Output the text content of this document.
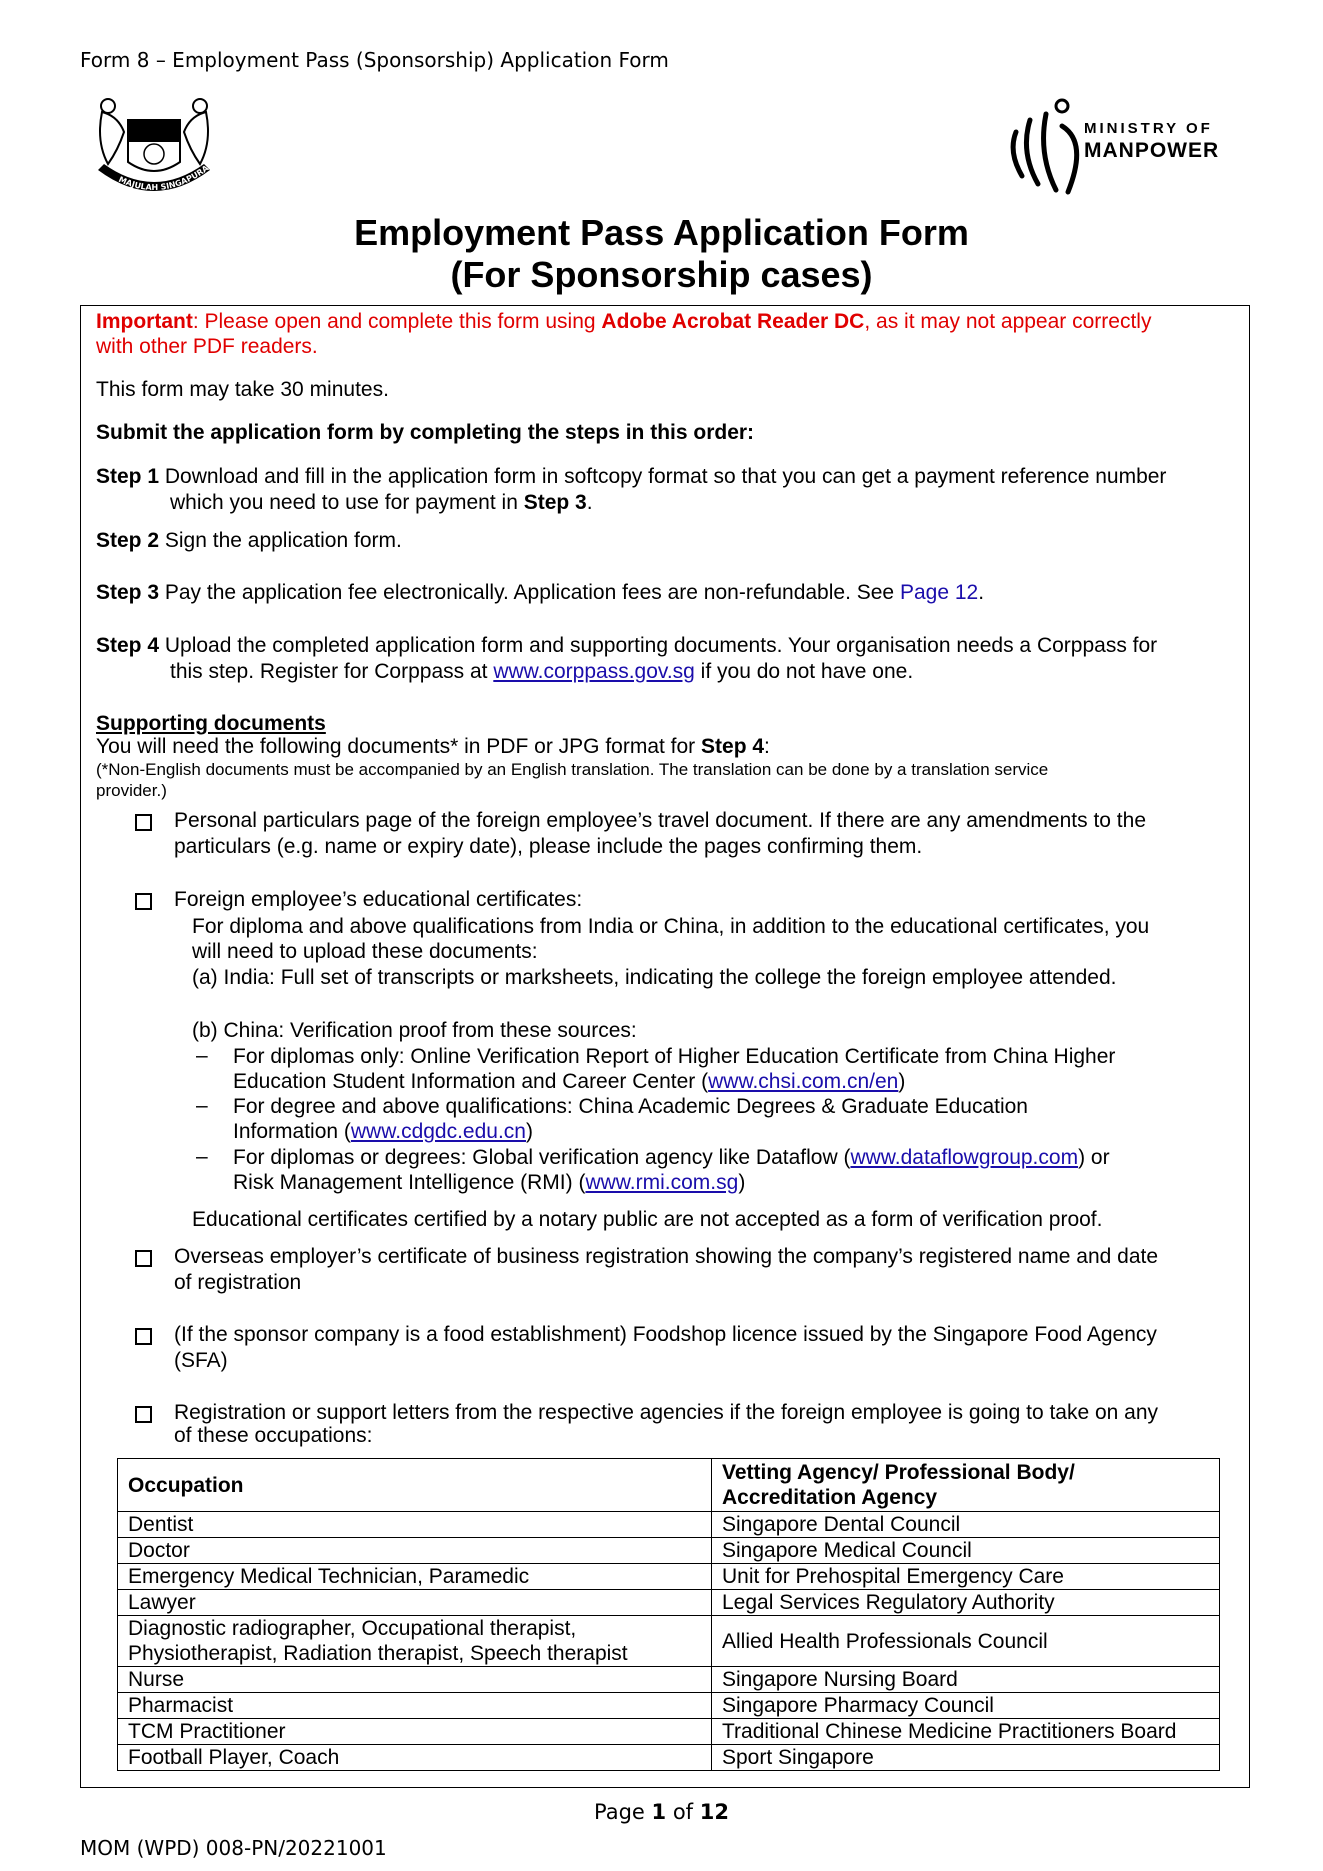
Form 8 – Employment Pass (Sponsorship) Application Form
MAJULAH SINGAPURA
MINISTRY OF
MANPOWER
Employment Pass Application Form
(For Sponsorship cases)
Important: Please open and complete this form using Adobe Acrobat Reader DC, as it may not appear correctly
with other PDF readers.
This form may take 30 minutes.
Submit the application form by completing the steps in this order:
Step 1 Download and fill in the application form in softcopy format so that you can get a payment reference number
which you need to use for payment in Step 3.
Step 2 Sign the application form.
Step 3 Pay the application fee electronically. Application fees are non-refundable. See Page 12.
Step 4 Upload the completed application form and supporting documents. Your organisation needs a Corppass for
this step. Register for Corppass at www.corppass.gov.sg if you do not have one.
Supporting documents
You will need the following documents* in PDF or JPG format for Step 4:
(*Non-English documents must be accompanied by an English translation. The translation can be done by a translation service
provider.)
Personal particulars page of the foreign employee’s travel document. If there are any amendments to the
particulars (e.g. name or expiry date), please include the pages confirming them.
Foreign employee’s educational certificates:
For diploma and above qualifications from India or China, in addition to the educational certificates, you
will need to upload these documents:
(a) India: Full set of transcripts or marksheets, indicating the college the foreign employee attended.
(b) China: Verification proof from these sources:
– For diplomas only: Online Verification Report of Higher Education Certificate from China Higher
Education Student Information and Career Center (www.chsi.com.cn/en)
– For degree and above qualifications: China Academic Degrees & Graduate Education
Information (www.cdgdc.edu.cn)
– For diplomas or degrees: Global verification agency like Dataflow (www.dataflowgroup.com) or
Risk Management Intelligence (RMI) (www.rmi.com.sg)
Educational certificates certified by a notary public are not accepted as a form of verification proof.
Overseas employer’s certificate of business registration showing the company’s registered name and date
of registration
(If the sponsor company is a food establishment) Foodshop licence issued by the Singapore Food Agency
(SFA)
Registration or support letters from the respective agencies if the foreign employee is going to take on any
of these occupations:
Occupation	Vetting Agency/ Professional Body/
Accreditation Agency

Dentist	Singapore Dental Council
Doctor	Singapore Medical Council
Emergency Medical Technician, Paramedic	Unit for Prehospital Emergency Care
Lawyer	Legal Services Regulatory Authority

Diagnostic radiographer, Occupational therapist,
Physiotherapist, Radiation therapist, Speech therapist	Allied Health Professionals Council
Nurse	Singapore Nursing Board
Pharmacist	Singapore Pharmacy Council
TCM Practitioner	Traditional Chinese Medicine Practitioners Board
Football Player, Coach	Sport Singapore
Page 1 of 12
MOM (WPD) 008-PN/20221001
